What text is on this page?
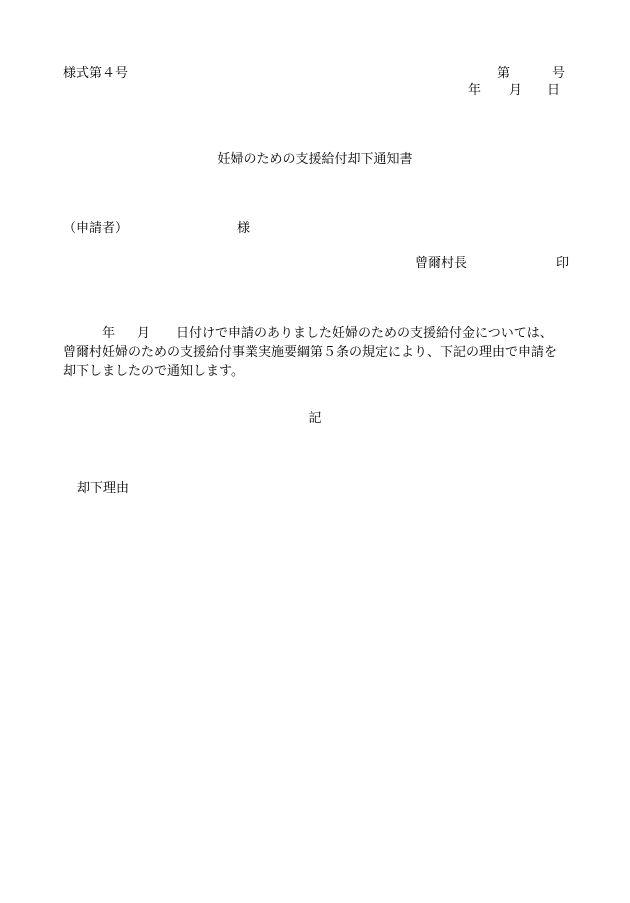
様式第４号	第	号
年 月 日
妊婦のための支援給付却下通知書
（申請者）	様
曾爾村長	印
年 月 日付けで申請のありました妊婦のための支援給付金については、
曾爾村妊婦のための支援給付事業実施要綱第５条の規定により、下記の理由で申請を
却下しましたので通知します。
記
却下理由
